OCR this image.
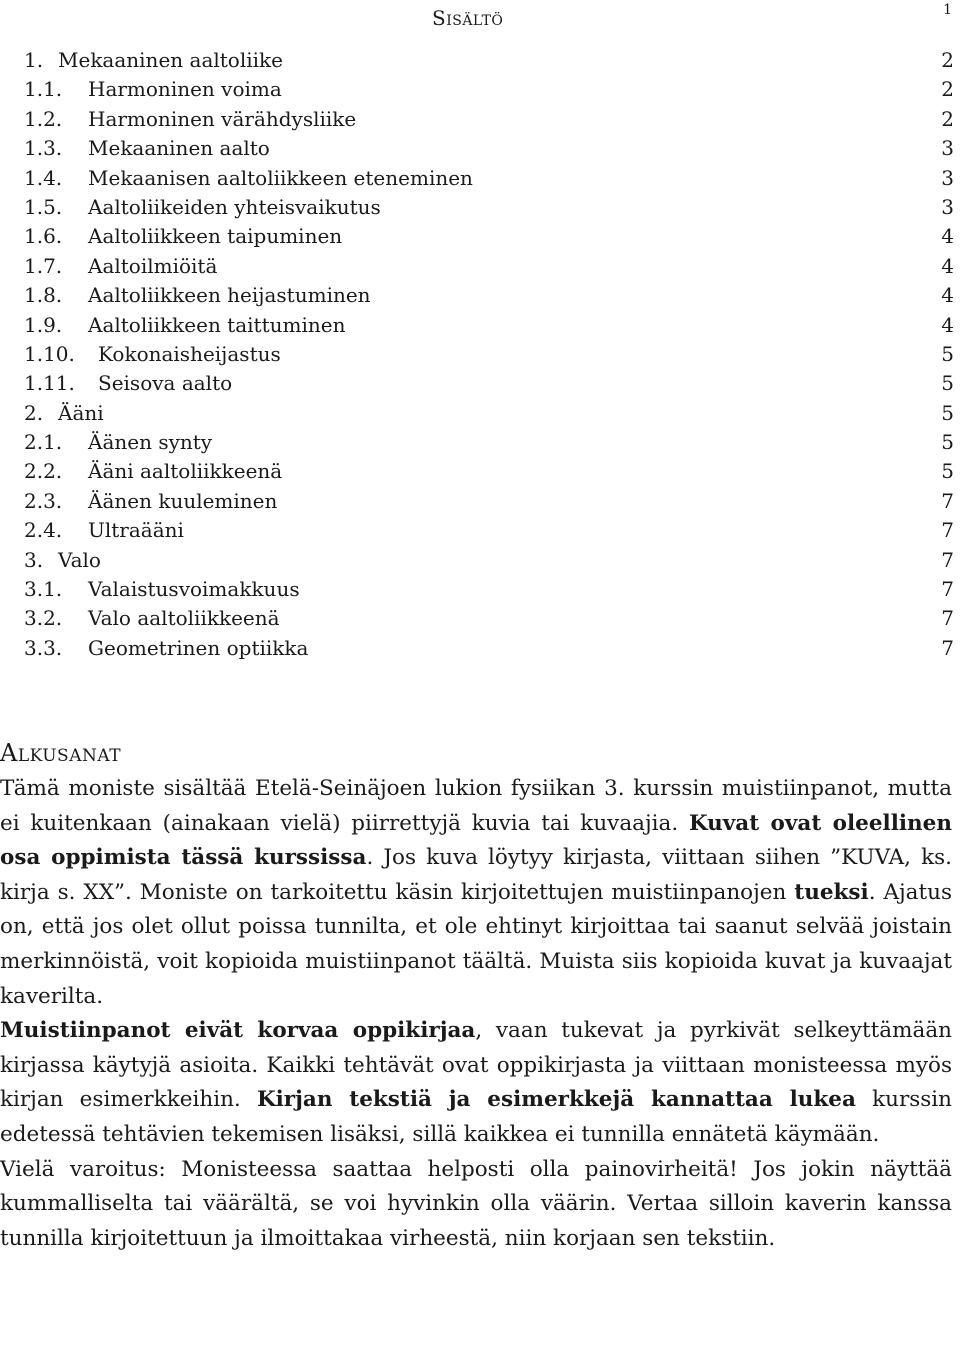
Sisältö	1
1. Mekaaninen aaltoliike	2
1.1.	Harmoninen voima	2
1.2.	Harmoninen värähdysliike	2
1.3.	Mekaaninen aalto	3
1.4.	Mekaanisen aaltoliikkeen eteneminen	3
1.5.	Aaltoliikeiden yhteisvaikutus	3
1.6.	Aaltoliikkeen taipuminen	4
1.7.	Aaltoilmiöitä	4
1.8.	Aaltoliikkeen heijastuminen	4
1.9.	Aaltoliikkeen taittuminen	4
1.10.	Kokonaisheijastus	5
1.11.	Seisova aalto	5
2. Ääni	5
2.1.	Äänen synty	5
2.2.	Ääni aaltoliikkeenä	5
2.3.	Äänen kuuleminen	7
2.4.	Ultraääni	7
3. Valo	7
3.1.	Valaistusvoimakkuus	7
3.2.	Valo aaltoliikkeenä	7
3.3.	Geometrinen optiikka	7
Alkusanat

Tämä moniste sisältää Etelä-Seinäjoen lukion fysiikan 3. kurssin muistiinpanot, mutta ei kuitenkaan (ainakaan vielä) piirrettyjä kuvia tai kuvaajia. Kuvat ovat oleellinen osa oppimista tässä kurssissa. Jos kuva löytyy kirjasta, viittaan siihen ”KUVA, ks. kirja s. XX”. Moniste on tarkoitettu käsin kirjoitettujen muistiinpanojen tueksi. Ajatus on, että jos olet ollut poissa tunnilta, et ole ehtinyt kirjoittaa tai saanut selvää joistain merkinnöistä, voit kopioida muistiinpanot täältä. Muista siis kopioida kuvat ja kuvaajat kaverilta.

Muistiinpanot eivät korvaa oppikirjaa, vaan tukevat ja pyrkivät selkeyttämään kirjassa käytyjä asioita. Kaikki tehtävät ovat oppikirjasta ja viittaan monisteessa myös kirjan esimerkkeihin. Kirjan tekstiä ja esimerkkejä kannattaa lukea kurssin edetessä tehtävien tekemisen lisäksi, sillä kaikkea ei tunnilla ennätetä käymään.

Vielä varoitus: Monisteessa saattaa helposti olla painovirheitä! Jos jokin näyttää kummalliselta tai väärältä, se voi hyvinkin olla väärin. Vertaa silloin kaverin kanssa tunnilla kirjoitettuun ja ilmoittakaa virheestä, niin korjaan sen tekstiin.
